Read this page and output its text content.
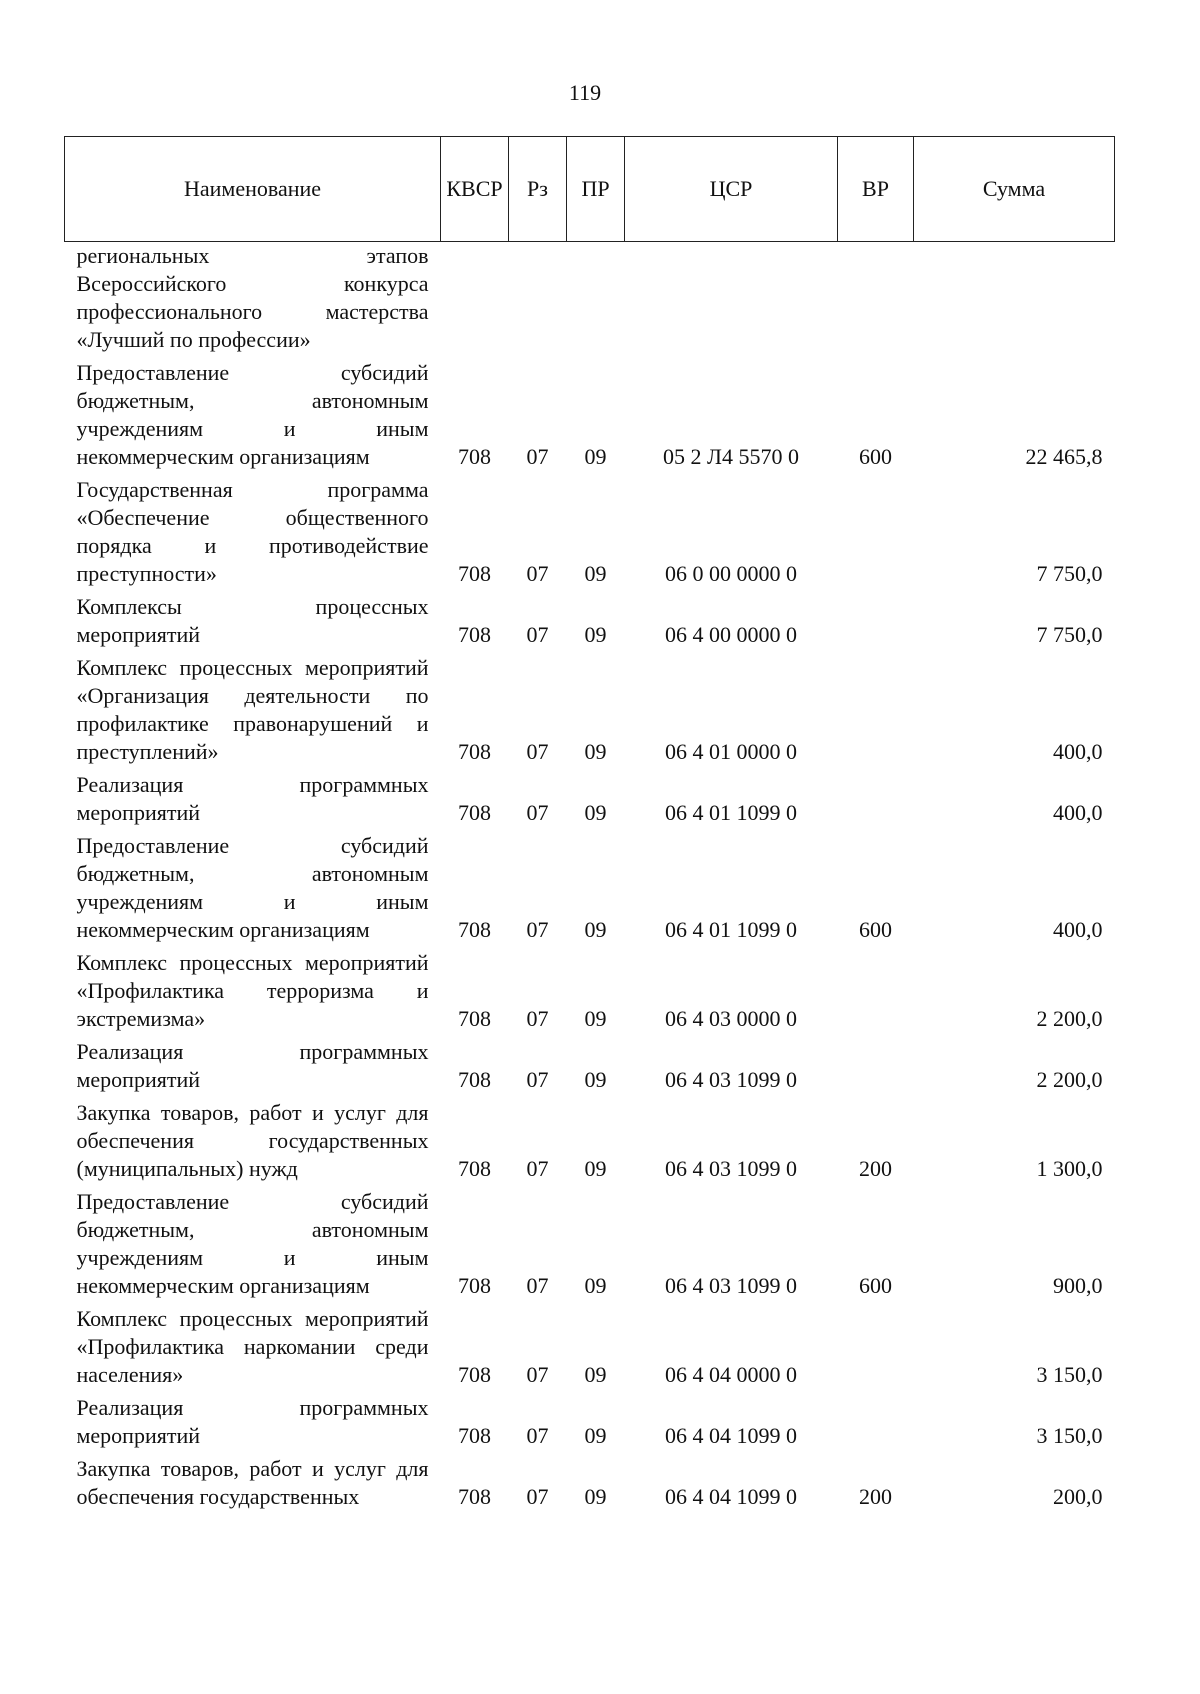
119
Наименование	КВСР	Рз	ПР	ЦСР	ВР	Сумма
региональных этапов Всероссийского конкурса профессионального мастерства «Лучший по профессии»						
Предоставление субсидий бюджетным, автономным учреждениям и иным некоммерческим организациям	708	07	09	05 2 Л4 5570 0	600	22 465,8
Государственная программа «Обеспечение общественного порядка и противодействие преступности»	708	07	09	06 0 00 0000 0		7 750,0
Комплексы процессных мероприятий	708	07	09	06 4 00 0000 0		7 750,0
Комплекс процессных мероприятий «Организация деятельности по профилактике правонарушений и преступлений»	708	07	09	06 4 01 0000 0		400,0
Реализация программных мероприятий	708	07	09	06 4 01 1099 0		400,0
Предоставление субсидий бюджетным, автономным учреждениям и иным некоммерческим организациям	708	07	09	06 4 01 1099 0	600	400,0
Комплекс процессных мероприятий «Профилактика терроризма и экстремизма»	708	07	09	06 4 03 0000 0		2 200,0
Реализация программных мероприятий	708	07	09	06 4 03 1099 0		2 200,0
Закупка товаров, работ и услуг для обеспечения государственных (муниципальных) нужд	708	07	09	06 4 03 1099 0	200	1 300,0
Предоставление субсидий бюджетным, автономным учреждениям и иным некоммерческим организациям	708	07	09	06 4 03 1099 0	600	900,0
Комплекс процессных мероприятий «Профилактика наркомании среди населения»	708	07	09	06 4 04 0000 0		3 150,0
Реализация программных мероприятий	708	07	09	06 4 04 1099 0		3 150,0
Закупка товаров, работ и услуг для обеспечения государственных	708	07	09	06 4 04 1099 0	200	200,0
